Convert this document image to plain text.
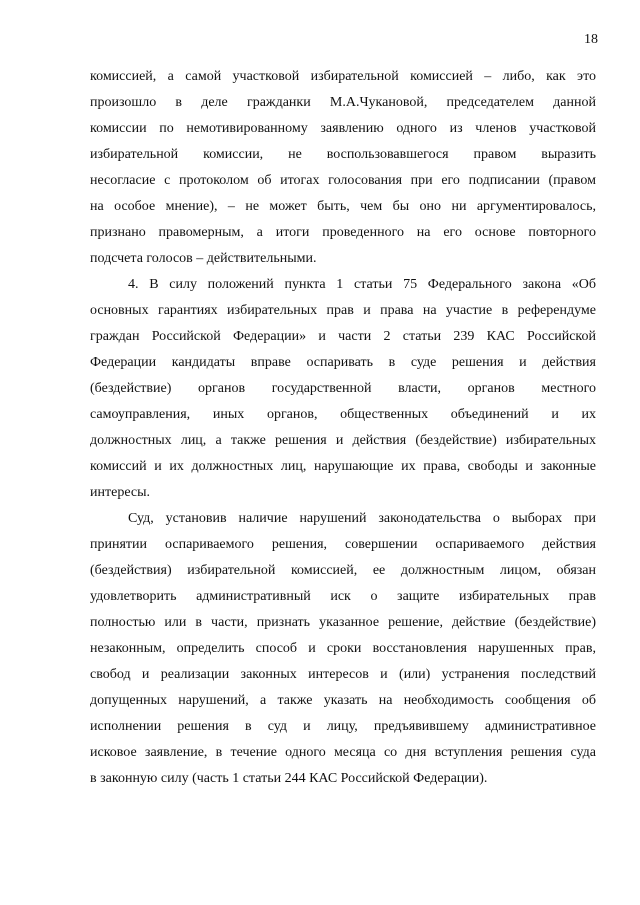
18
комиссией, а самой участковой избирательной комиссией – либо, как это
произошло в деле гражданки М.А.Чукановой, председателем данной
комиссии по немотивированному заявлению одного из членов участковой
избирательной комиссии, не воспользовавшегося правом выразить
несогласие с протоколом об итогах голосования при его подписании (правом
на особое мнение), – не может быть, чем бы оно ни аргументировалось,
признано правомерным, а итоги проведенного на его основе повторного
подсчета голосов – действительными.
4. В силу положений пункта 1 статьи 75 Федерального закона «Об
основных гарантиях избирательных прав и права на участие в референдуме
граждан Российской Федерации» и части 2 статьи 239 КАС Российской
Федерации кандидаты вправе оспаривать в суде решения и действия
(бездействие) органов государственной власти, органов местного
самоуправления, иных органов, общественных объединений и их
должностных лиц, а также решения и действия (бездействие) избирательных
комиссий и их должностных лиц, нарушающие их права, свободы и законные
интересы.
Суд, установив наличие нарушений законодательства о выборах при
принятии оспариваемого решения, совершении оспариваемого действия
(бездействия) избирательной комиссией, ее должностным лицом, обязан
удовлетворить административный иск о защите избирательных прав
полностью или в части, признать указанное решение, действие (бездействие)
незаконным, определить способ и сроки восстановления нарушенных прав,
свобод и реализации законных интересов и (или) устранения последствий
допущенных нарушений, а также указать на необходимость сообщения об
исполнении решения в суд и лицу, предъявившему административное
исковое заявление, в течение одного месяца со дня вступления решения суда
в законную силу (часть 1 статьи 244 КАС Российской Федерации).
